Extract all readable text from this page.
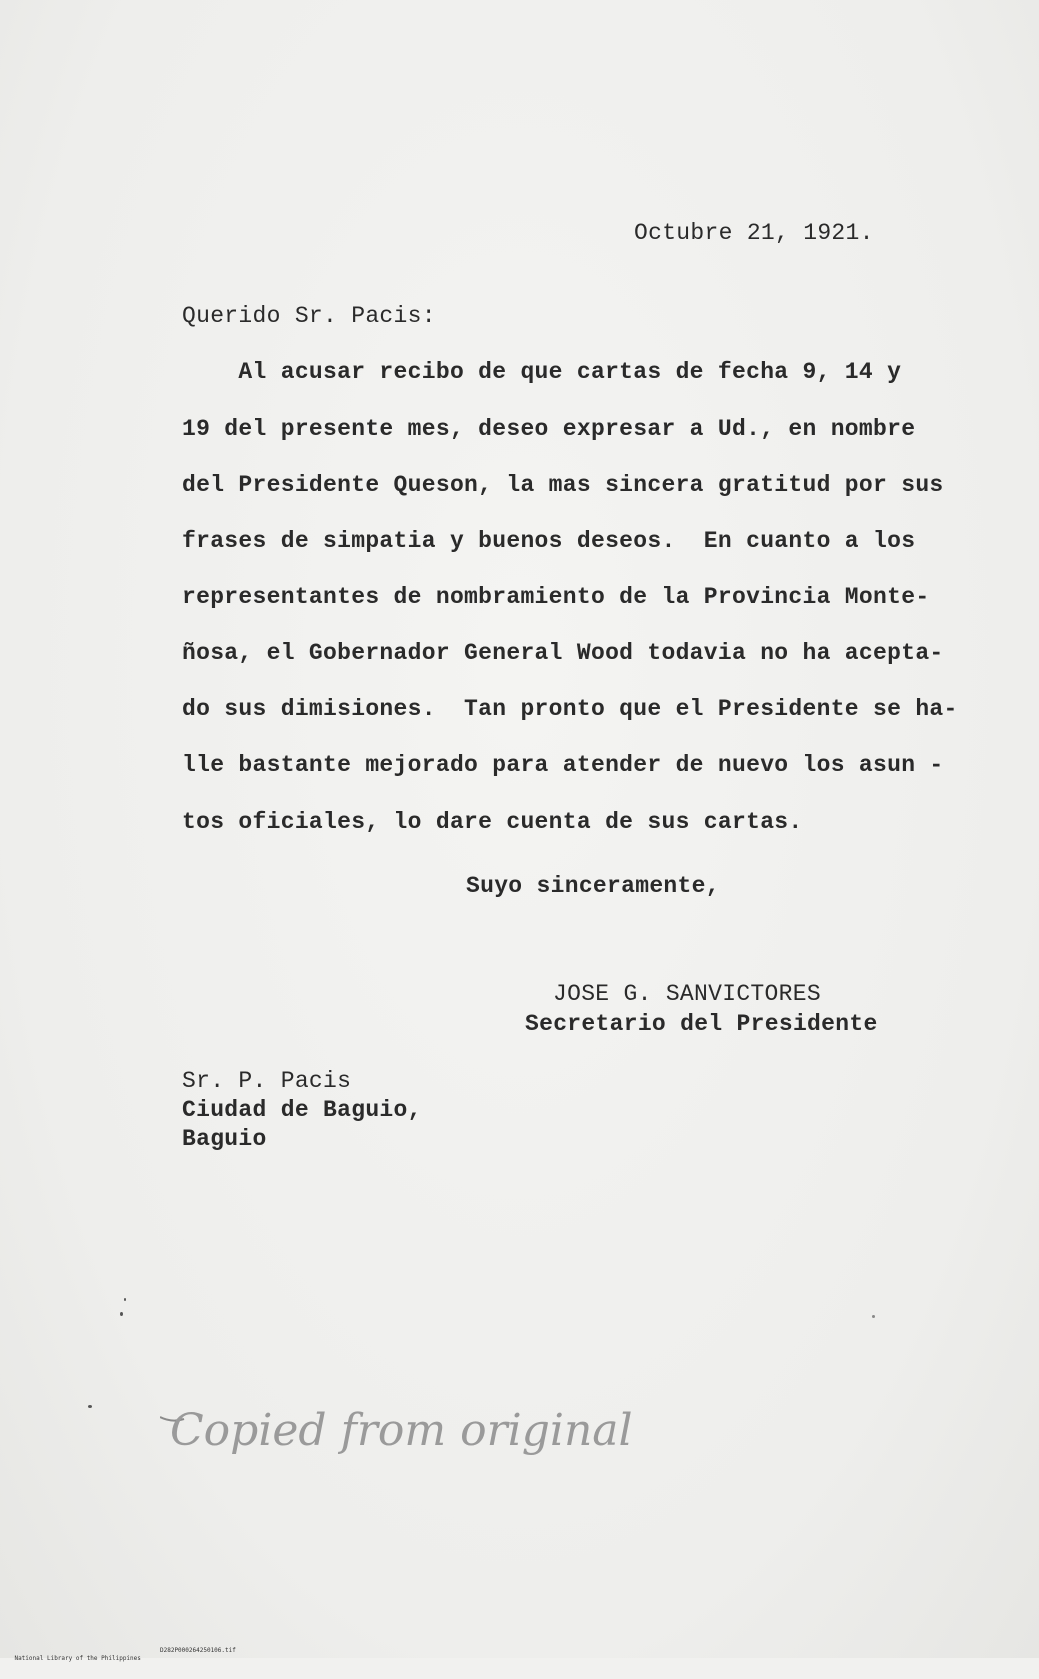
Octubre 21, 1921.
Querido Sr. Pacis:
Al acusar recibo de que cartas de fecha 9, 14 y
19 del presente mes, deseo expresar a Ud., en nombre
del Presidente Queson, la mas sincera gratitud por sus
frases de simpatia y buenos deseos.  En cuanto a los
representantes de nombramiento de la Provincia Monte-
ñosa, el Gobernador General Wood todavia no ha acepta-
do sus dimisiones.  Tan pronto que el Presidente se ha-
lle bastante mejorado para atender de nuevo los asun -
tos oficiales, lo dare cuenta de sus cartas.
Suyo sinceramente,
JOSE G. SANVICTORES
Secretario del Presidente
Sr. P. Pacis
Ciudad de Baguio,
Baguio
Copied from original

National Library of the Philippines

D282P000264250106.tif
